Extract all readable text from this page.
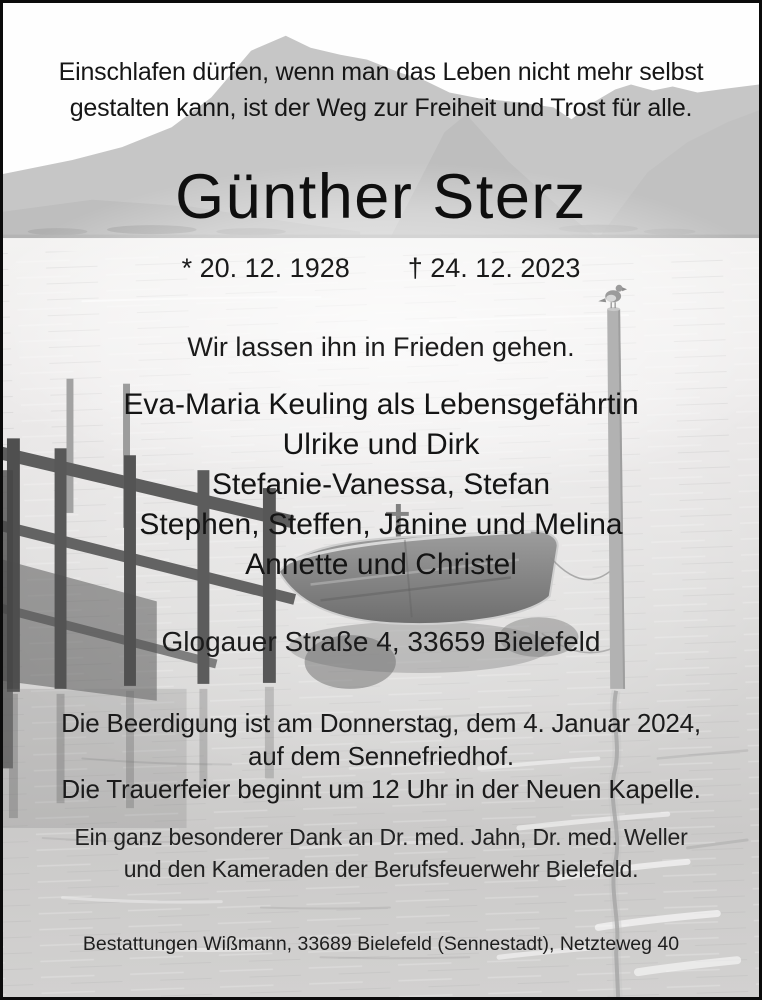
Einschlafen dürfen, wenn man das Leben nicht mehr selbst
gestalten kann, ist der Weg zur Freiheit und Trost für alle.
Günther Sterz
* 20. 12. 1928 † 24. 12. 2023
Wir lassen ihn in Frieden gehen.
Eva-Maria Keuling als Lebensgefährtin
Ulrike und Dirk
Stefanie-Vanessa, Stefan
Stephen, Steffen, Janine und Melina
Annette und Christel
Glogauer Straße 4, 33659 Bielefeld
Die Beerdigung ist am Donnerstag, dem 4. Januar 2024,
auf dem Sennefriedhof.
Die Trauerfeier beginnt um 12 Uhr in der Neuen Kapelle.
Ein ganz besonderer Dank an Dr. med. Jahn, Dr. med. Weller
und den Kameraden der Berufsfeuerwehr Bielefeld.
Bestattungen Wißmann, 33689 Bielefeld (Sennestadt), Netzteweg 40
